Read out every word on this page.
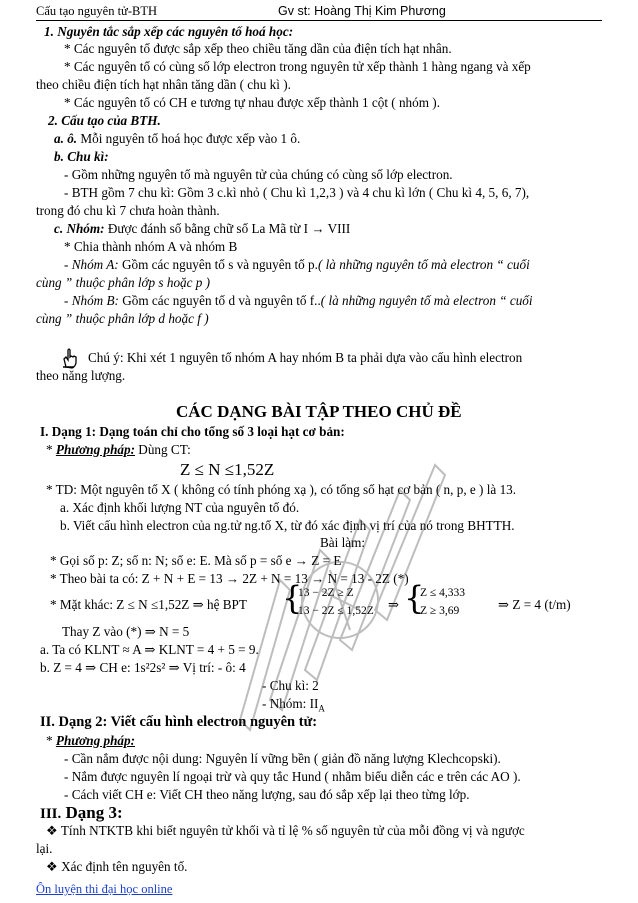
Cấu tạo nguyên tử-BTH	Gv st: Hoàng Thị Kim Phương
1. Nguyên tắc sắp xếp các nguyên tố hoá học:
* Các nguyên tố được sắp xếp theo chiều tăng dần của điện tích hạt nhân.
* Các nguyên tố có cùng số lớp electron trong nguyên tử xếp thành 1 hàng ngang và xếp
theo chiều điện tích hạt nhân tăng dần ( chu kì ).
* Các nguyên tố có CH e tương tự nhau được xếp thành 1 cột ( nhóm ).
2. Cấu tạo của BTH.
a. ô. Mỗi nguyên tố hoá học được xếp vào 1 ô.
b. Chu kì:
- Gồm những nguyên tố mà nguyên tử của chúng có cùng số lớp electron.
- BTH gồm 7 chu kì: Gồm 3 c.kì nhỏ ( Chu kì 1,2,3 ) và 4 chu kì lớn ( Chu kì 4, 5, 6, 7),
trong đó chu kì 7 chưa hoàn thành.
c. Nhóm: Được đánh số bằng chữ số La Mã từ I → VIII
* Chia thành nhóm A và nhóm B
- Nhóm A: Gồm các nguyên tố s và nguyên tố p.( là những nguyên tố mà electron “ cuối
cùng ” thuộc phân lớp s hoặc p )
- Nhóm B: Gồm các nguyên tố d và nguyên tố f..( là những nguyên tố mà electron “ cuối
cùng ” thuộc phân lớp d hoặc f )
Chú ý: Khi xét 1 nguyên tố nhóm A hay nhóm B ta phải dựa vào cấu hình electron
theo năng lượng.
CÁC DẠNG BÀI TẬP THEO CHỦ ĐỀ
I. Dạng 1: Dạng toán chỉ cho tổng số 3 loại hạt cơ bản:
* Phương pháp: Dùng CT:
Z ≤ N ≤1,52Z
* TD: Một nguyên tố X ( không có tính phóng xạ ), có tổng số hạt cơ bản ( n, p, e ) là 13.
a. Xác định khối lượng NT của nguyên tố đó.
b. Viết cấu hình electron của ng.tử ng.tố X, từ đó xác định vị trí của nó trong BHTTH.
Bài làm:
* Gọi số p: Z; số n: N; số e: E. Mà số p = số e → Z = E
* Theo bài ta có: Z + N + E = 13 → 2Z + N = 13 → N = 13 - 2Z (*)
* Mặt khác: Z ≤ N ≤1,52Z ⇒ hệ BPT {
13 − 2Z ≥ Z
13 − 2Z ≤ 1,52Z ⇒ {
Z ≤ 4,333
Z ≥ 3,69	⇒ Z = 4 (t/m)
Thay Z vào (*) ⇒ N = 5
a. Ta có KLNT ≈ A ⇒ KLNT = 4 + 5 = 9.
b. Z = 4 ⇒ CH e: 1s²2s² ⇒ Vị trí: - ô: 4
- Chu kì: 2
- Nhóm: $II_A$
II. Dạng 2: Viết cấu hình electron nguyên tử:
* Phương pháp:
- Cần nắm được nội dung: Nguyên lí vững bền ( giản đồ năng lượng Klechcopski).
- Nắm được nguyên lí ngoại trừ và quy tắc Hund ( nhằm biểu diễn các e trên các AO ).
- Cách viết CH e: Viết CH theo năng lượng, sau đó sắp xếp lại theo từng lớp.
III. Dạng 3:
❖ Tính NTKTB khi biết nguyên tử khối và tỉ lệ % số nguyên tử của mỗi đồng vị và ngược
lại.
❖ Xác định tên nguyên tố.
Ôn luyện thi đại học online
